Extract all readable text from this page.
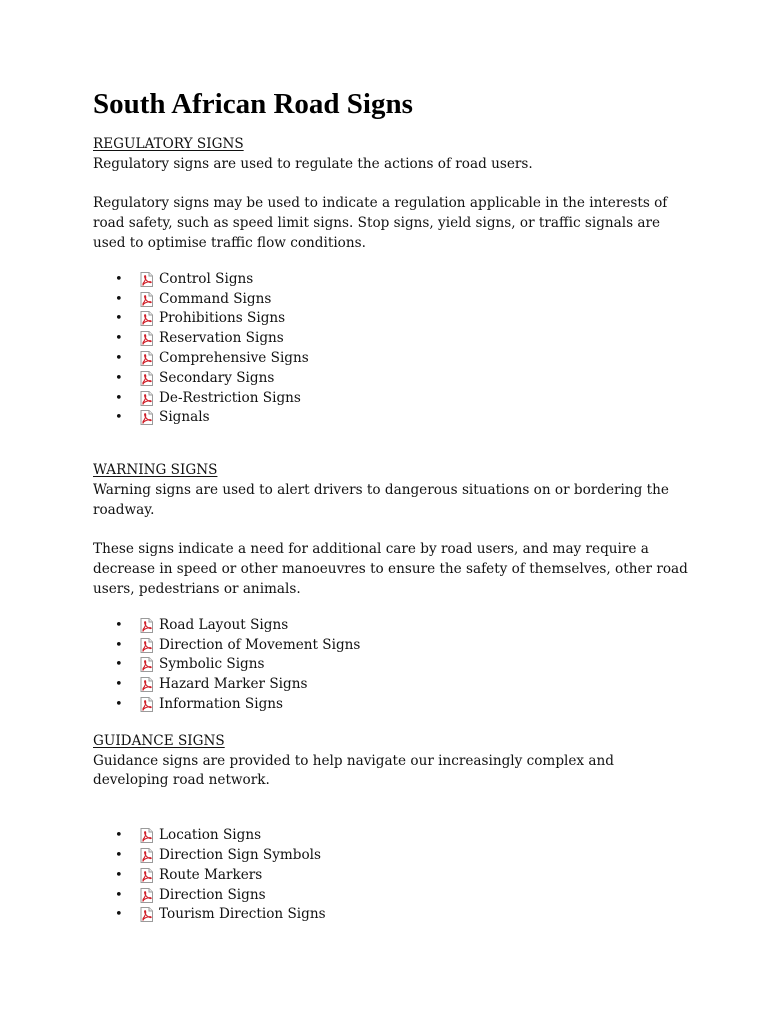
South African Road Signs

REGULATORY SIGNS

Regulatory signs are used to regulate the actions of road users.

Regulatory signs may be used to indicate a regulation applicable in the interests of road safety, such as speed limit signs. Stop signs, yield signs, or traffic signals are used to optimise traffic flow conditions.

•	Control Signs
•	Command Signs
•	Prohibitions Signs
•	Reservation Signs
•	Comprehensive Signs
•	Secondary Signs
•	De-Restriction Signs
•	Signals

WARNING SIGNS

Warning signs are used to alert drivers to dangerous situations on or bordering the roadway.

These signs indicate a need for additional care by road users, and may require a decrease in speed or other manoeuvres to ensure the safety of themselves, other road users, pedestrians or animals.

•	Road Layout Signs
•	Direction of Movement Signs
•	Symbolic Signs
•	Hazard Marker Signs
•	Information Signs

GUIDANCE SIGNS

Guidance signs are provided to help navigate our increasingly complex and developing road network.

•	Location Signs
•	Direction Sign Symbols
•	Route Markers
•	Direction Signs
•	Tourism Direction Signs
